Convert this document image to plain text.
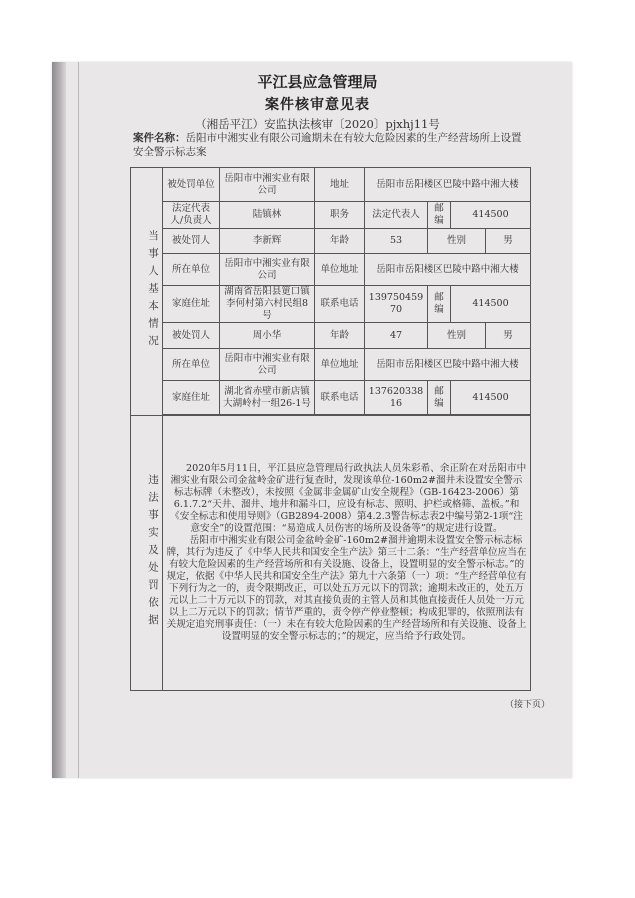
平江县应急管理局
案件核审意见表
（湘岳平江）安监执法核审〔2020〕pjxhj11号
案件名称：岳阳市中湘实业有限公司逾期未在有较大危险因素的生产经营场所上设置安全警示标志案
当事人基本情况	被处罚单位	岳阳市中湘实业有限公司	地址	岳阳市岳阳楼区巴陵中路中湘大楼			
	法定代表人/负责人	陆镇林	职务	法定代表人	邮编	414500	
	被处罚人	李新辉	年龄	53	性别		男
	所在单位	岳阳市中湘实业有限公司	单位地址	岳阳市岳阳楼区巴陵中路中湘大楼			
	家庭住址	湖南省岳阳县筻口镇李何村第六村民组8号	联系电话	13975045970	邮编	414500	
	被处罚人	周小华	年龄	47	性别		男
	所在单位	岳阳市中湘实业有限公司	单位地址	岳阳市岳阳楼区巴陵中路中湘大楼			
	家庭住址	湖北省赤壁市新店镇大湖岭村一组26-1号	联系电话	13762033816	邮编	414500	

违法事实及处罚依据	2020年5月11日，平江县应急管理局行政执法人员朱彩希、余正阶在对岳阳市中湘实业有限公司金盆岭金矿进行复查时，发现该单位-160m2#溜井未设置安全警示标志标牌（未整改），未按照《金属非金属矿山安全规程》（GB-16423-2006）第6.1.7.2“天井、溜井、地井和漏斗口，应设有标志、照明、护栏或格筛、盖板。”和《安全标志和使用导则》（GB2894-2008）第4.2.3警告标志表2中编号第2-1项“注意安全”的设置范围：“易造成人员伤害的场所及设备等”的规定进行设置。

岳阳市中湘实业有限公司金盆岭金矿-160m2#溜井逾期未设置安全警示标志标牌，其行为违反了《中华人民共和国安全生产法》第三十二条：“生产经营单位应当在有较大危险因素的生产经营场所和有关设施、设备上，设置明显的安全警示标志。”的规定，依据《中华人民共和国安全生产法》第九十六条第（一）项：“生产经营单位有下列行为之一的，责令限期改正，可以处五万元以下的罚款；逾期未改正的，处五万元以上二十万元以下的罚款，对其直接负责的主管人员和其他直接责任人员处一万元以上二万元以下的罚款；情节严重的，责令停产停业整顿；构成犯罪的，依照刑法有关规定追究刑事责任：（一）未在有较大危险因素的生产经营场所和有关设施、设备上设置明显的安全警示标志的；”的规定，应当给予行政处罚。						

（接下页）
